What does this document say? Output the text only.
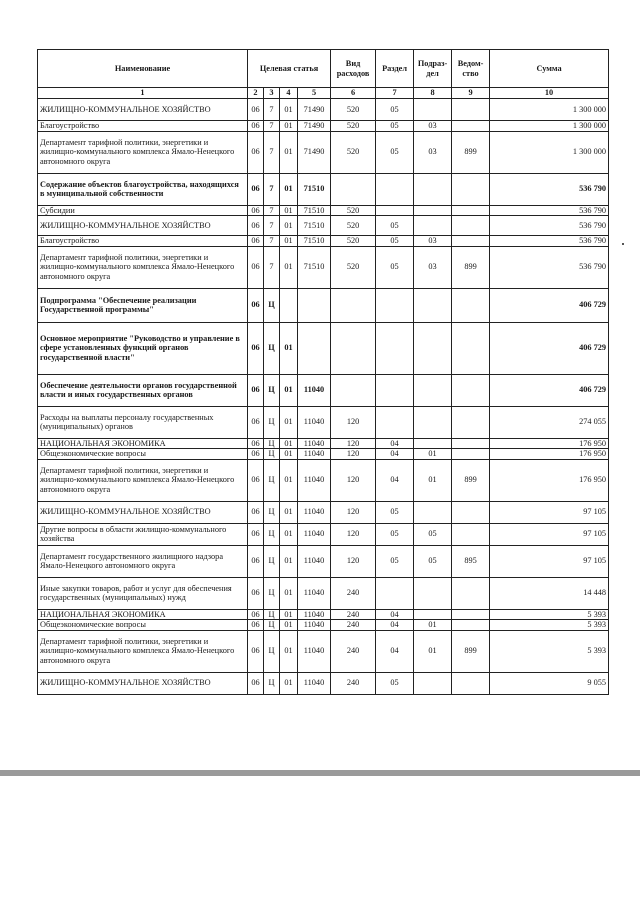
Наименование	Целевая статья				Вид расходов	Раздел	Подраз-дел	Ведом-ство	Сумма
1	2	3	4	5	6	7	8	9	10
ЖИЛИЩНО-КОММУНАЛЬНОЕ ХОЗЯЙСТВО	06	7	01	71490	520	05			1 300 000
Благоустройство	06	7	01	71490	520	05	03		1 300 000
Департамент тарифной политики, энергетики и жилищно-коммунального комплекса Ямало-Ненецкого автономного округа	06	7	01	71490	520	05	03	899	1 300 000
Содержание объектов благоустройства, находящихся в муниципальной собственности	06	7	01	71510					536 790
Субсидии	06	7	01	71510	520				536 790
ЖИЛИЩНО-КОММУНАЛЬНОЕ ХОЗЯЙСТВО	06	7	01	71510	520	05			536 790
Благоустройство	06	7	01	71510	520	05	03		536 790
Департамент тарифной политики, энергетики и жилищно-коммунального комплекса Ямало-Ненецкого автономного округа	06	7	01	71510	520	05	03	899	536 790
Подпрограмма "Обеспечение реализации Государственной программы"	06	Ц							406 729
Основное мероприятие "Руководство и управление в сфере установленных функций органов государственной власти"	06	Ц	01						406 729
Обеспечение деятельности органов государственной власти и иных государственных органов	06	Ц	01	11040					406 729
Расходы на выплаты персоналу государственных (муниципальных) органов	06	Ц	01	11040	120				274 055
НАЦИОНАЛЬНАЯ ЭКОНОМИКА	06	Ц	01	11040	120	04			176 950
Общеэкономические вопросы	06	Ц	01	11040	120	04	01		176 950
Департамент тарифной политики, энергетики и жилищно-коммунального комплекса Ямало-Ненецкого автономного округа	06	Ц	01	11040	120	04	01	899	176 950
ЖИЛИЩНО-КОММУНАЛЬНОЕ ХОЗЯЙСТВО	06	Ц	01	11040	120	05			97 105
Другие вопросы в области жилищно-коммунального хозяйства	06	Ц	01	11040	120	05	05		97 105
Департамент государственного жилищного надзора Ямало-Ненецкого автономного округа	06	Ц	01	11040	120	05	05	895	97 105
Иные закупки товаров, работ и услуг для обеспечения государственных (муниципальных) нужд	06	Ц	01	11040	240				14 448
НАЦИОНАЛЬНАЯ ЭКОНОМИКА	06	Ц	01	11040	240	04			5 393
Общеэкономические вопросы	06	Ц	01	11040	240	04	01		5 393
Департамент тарифной политики, энергетики и жилищно-коммунального комплекса Ямало-Ненецкого автономного округа	06	Ц	01	11040	240	04	01	899	5 393
ЖИЛИЩНО-КОММУНАЛЬНОЕ ХОЗЯЙСТВО	06	Ц	01	11040	240	05			9 055
